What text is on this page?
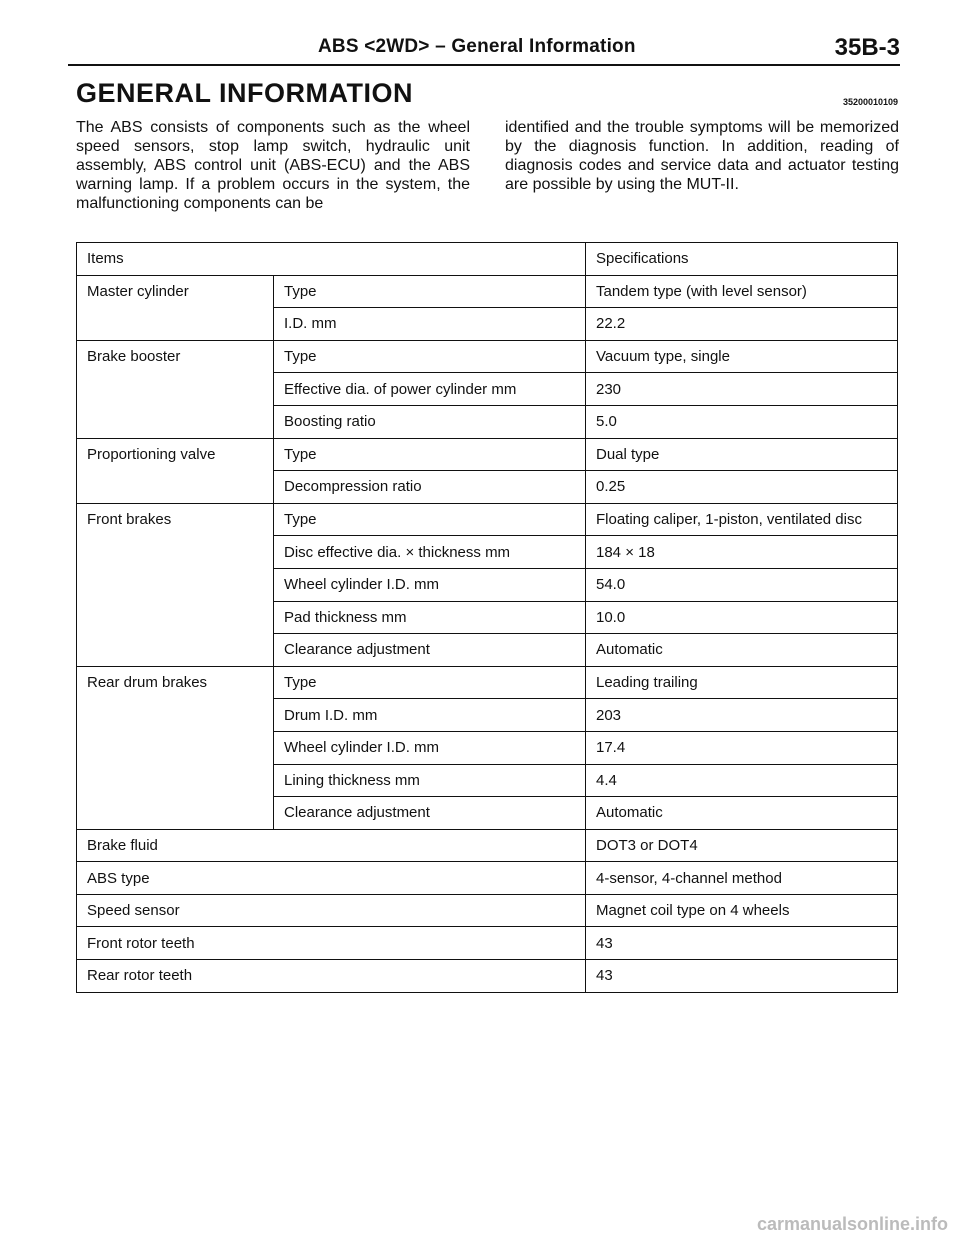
ABS <2WD> – General Information	35B-3
GENERAL INFORMATION	35200010109

The ABS consists of components such as the wheel speed sensors, stop lamp switch, hydraulic unit assembly, ABS control unit (ABS-ECU) and the ABS warning lamp. If a problem occurs in the system, the malfunctioning components can be

identified and the trouble symptoms will be memorized by the diagnosis function. In addition, reading of diagnosis codes and service data and actuator testing are possible by using the MUT-II.

Items		Specifications
Master cylinder	Type	Tandem type (with level sensor)
	I.D. mm	22.2
Brake booster	Type	Vacuum type, single
	Effective dia. of power cylinder mm	230
	Boosting ratio	5.0
Proportioning valve	Type	Dual type
	Decompression ratio	0.25
Front brakes	Type	Floating caliper, 1-piston, ventilated disc
	Disc effective dia. × thickness mm	184 × 18
	Wheel cylinder I.D. mm	54.0
	Pad thickness mm	10.0
	Clearance adjustment	Automatic
Rear drum brakes	Type	Leading trailing
	Drum I.D. mm	203
	Wheel cylinder I.D. mm	17.4
	Lining thickness mm	4.4
	Clearance adjustment	Automatic
Brake fluid		DOT3 or DOT4
ABS type		4-sensor, 4-channel method
Speed sensor		Magnet coil type on 4 wheels
Front rotor teeth		43
Rear rotor teeth		43
carmanualsonline.info
